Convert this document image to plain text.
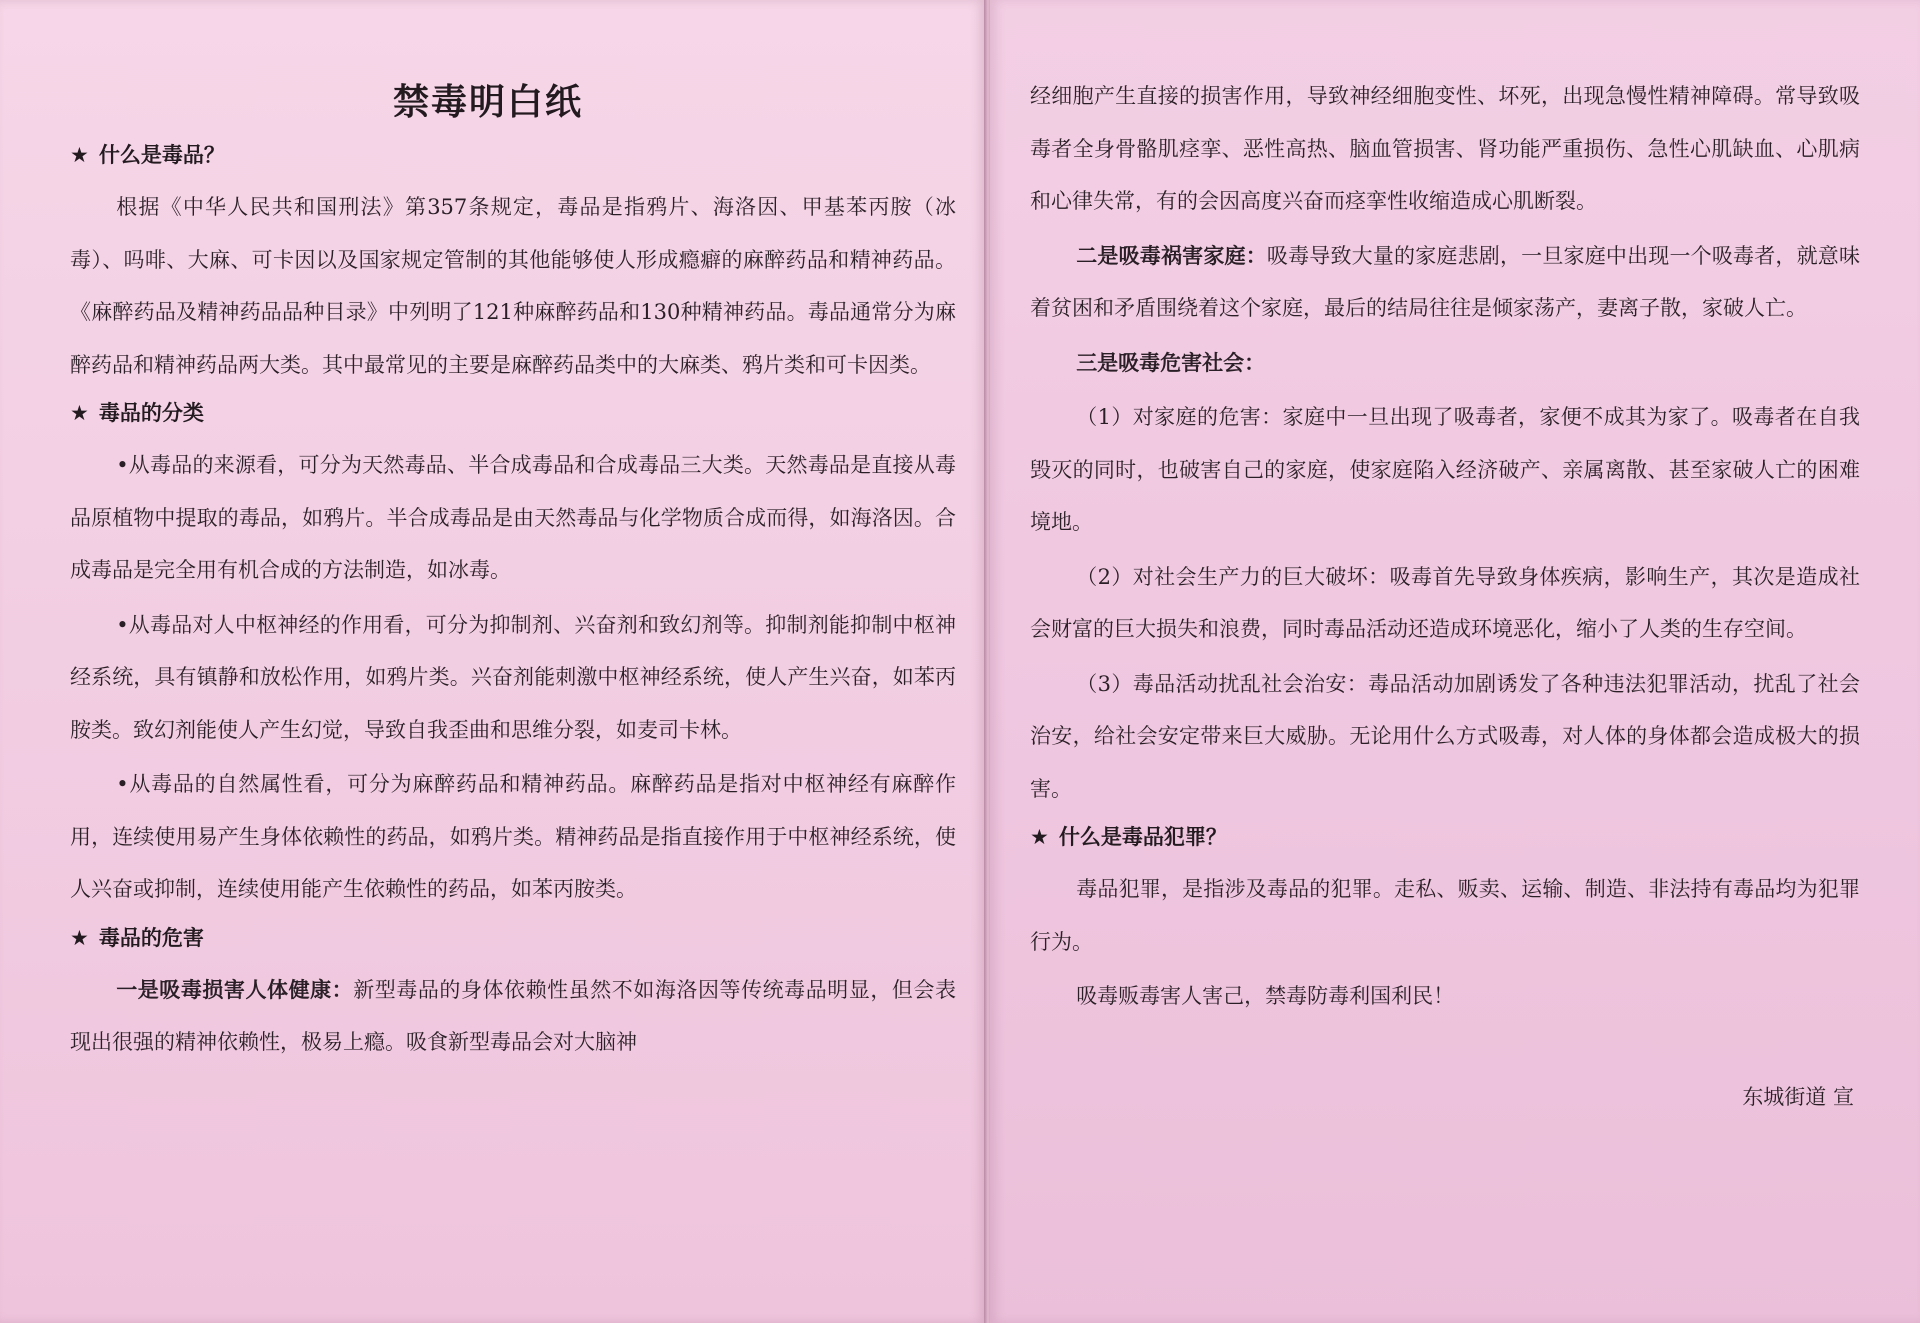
禁毒明白纸
★ 什么是毒品？

根据《中华人民共和国刑法》第357条规定，毒品是指鸦片、海洛因、甲基苯丙胺（冰毒）、吗啡、大麻、可卡因以及国家规定管制的其他能够使人形成瘾癖的麻醉药品和精神药品。《麻醉药品及精神药品品种目录》中列明了121种麻醉药品和130种精神药品。毒品通常分为麻醉药品和精神药品两大类。其中最常见的主要是麻醉药品类中的大麻类、鸦片类和可卡因类。

★ 毒品的分类

•从毒品的来源看，可分为天然毒品、半合成毒品和合成毒品三大类。天然毒品是直接从毒品原植物中提取的毒品，如鸦片。半合成毒品是由天然毒品与化学物质合成而得，如海洛因。合成毒品是完全用有机合成的方法制造，如冰毒。

•从毒品对人中枢神经的作用看，可分为抑制剂、兴奋剂和致幻剂等。抑制剂能抑制中枢神经系统，具有镇静和放松作用，如鸦片类。兴奋剂能刺激中枢神经系统，使人产生兴奋，如苯丙胺类。致幻剂能使人产生幻觉，导致自我歪曲和思维分裂，如麦司卡林。

•从毒品的自然属性看，可分为麻醉药品和精神药品。麻醉药品是指对中枢神经有麻醉作用，连续使用易产生身体依赖性的药品，如鸦片类。精神药品是指直接作用于中枢神经系统，使人兴奋或抑制，连续使用能产生依赖性的药品，如苯丙胺类。

★ 毒品的危害

一是吸毒损害人体健康：新型毒品的身体依赖性虽然不如海洛因等传统毒品明显，但会表现出很强的精神依赖性，极易上瘾。吸食新型毒品会对大脑神

经细胞产生直接的损害作用，导致神经细胞变性、坏死，出现急慢性精神障碍。常导致吸毒者全身骨骼肌痉挛、恶性高热、脑血管损害、肾功能严重损伤、急性心肌缺血、心肌病和心律失常，有的会因高度兴奋而痉挛性收缩造成心肌断裂。

二是吸毒祸害家庭：吸毒导致大量的家庭悲剧，一旦家庭中出现一个吸毒者，就意味着贫困和矛盾围绕着这个家庭，最后的结局往往是倾家荡产，妻离子散，家破人亡。

三是吸毒危害社会：

（1）对家庭的危害：家庭中一旦出现了吸毒者，家便不成其为家了。吸毒者在自我毁灭的同时，也破害自己的家庭，使家庭陷入经济破产、亲属离散、甚至家破人亡的困难境地。

（2）对社会生产力的巨大破坏：吸毒首先导致身体疾病，影响生产，其次是造成社会财富的巨大损失和浪费，同时毒品活动还造成环境恶化，缩小了人类的生存空间。

（3）毒品活动扰乱社会治安：毒品活动加剧诱发了各种违法犯罪活动，扰乱了社会治安，给社会安定带来巨大威胁。无论用什么方式吸毒，对人体的身体都会造成极大的损害。

★ 什么是毒品犯罪？

毒品犯罪，是指涉及毒品的犯罪。走私、贩卖、运输、制造、非法持有毒品均为犯罪行为。

吸毒贩毒害人害己，禁毒防毒利国利民！

东城街道 宣
